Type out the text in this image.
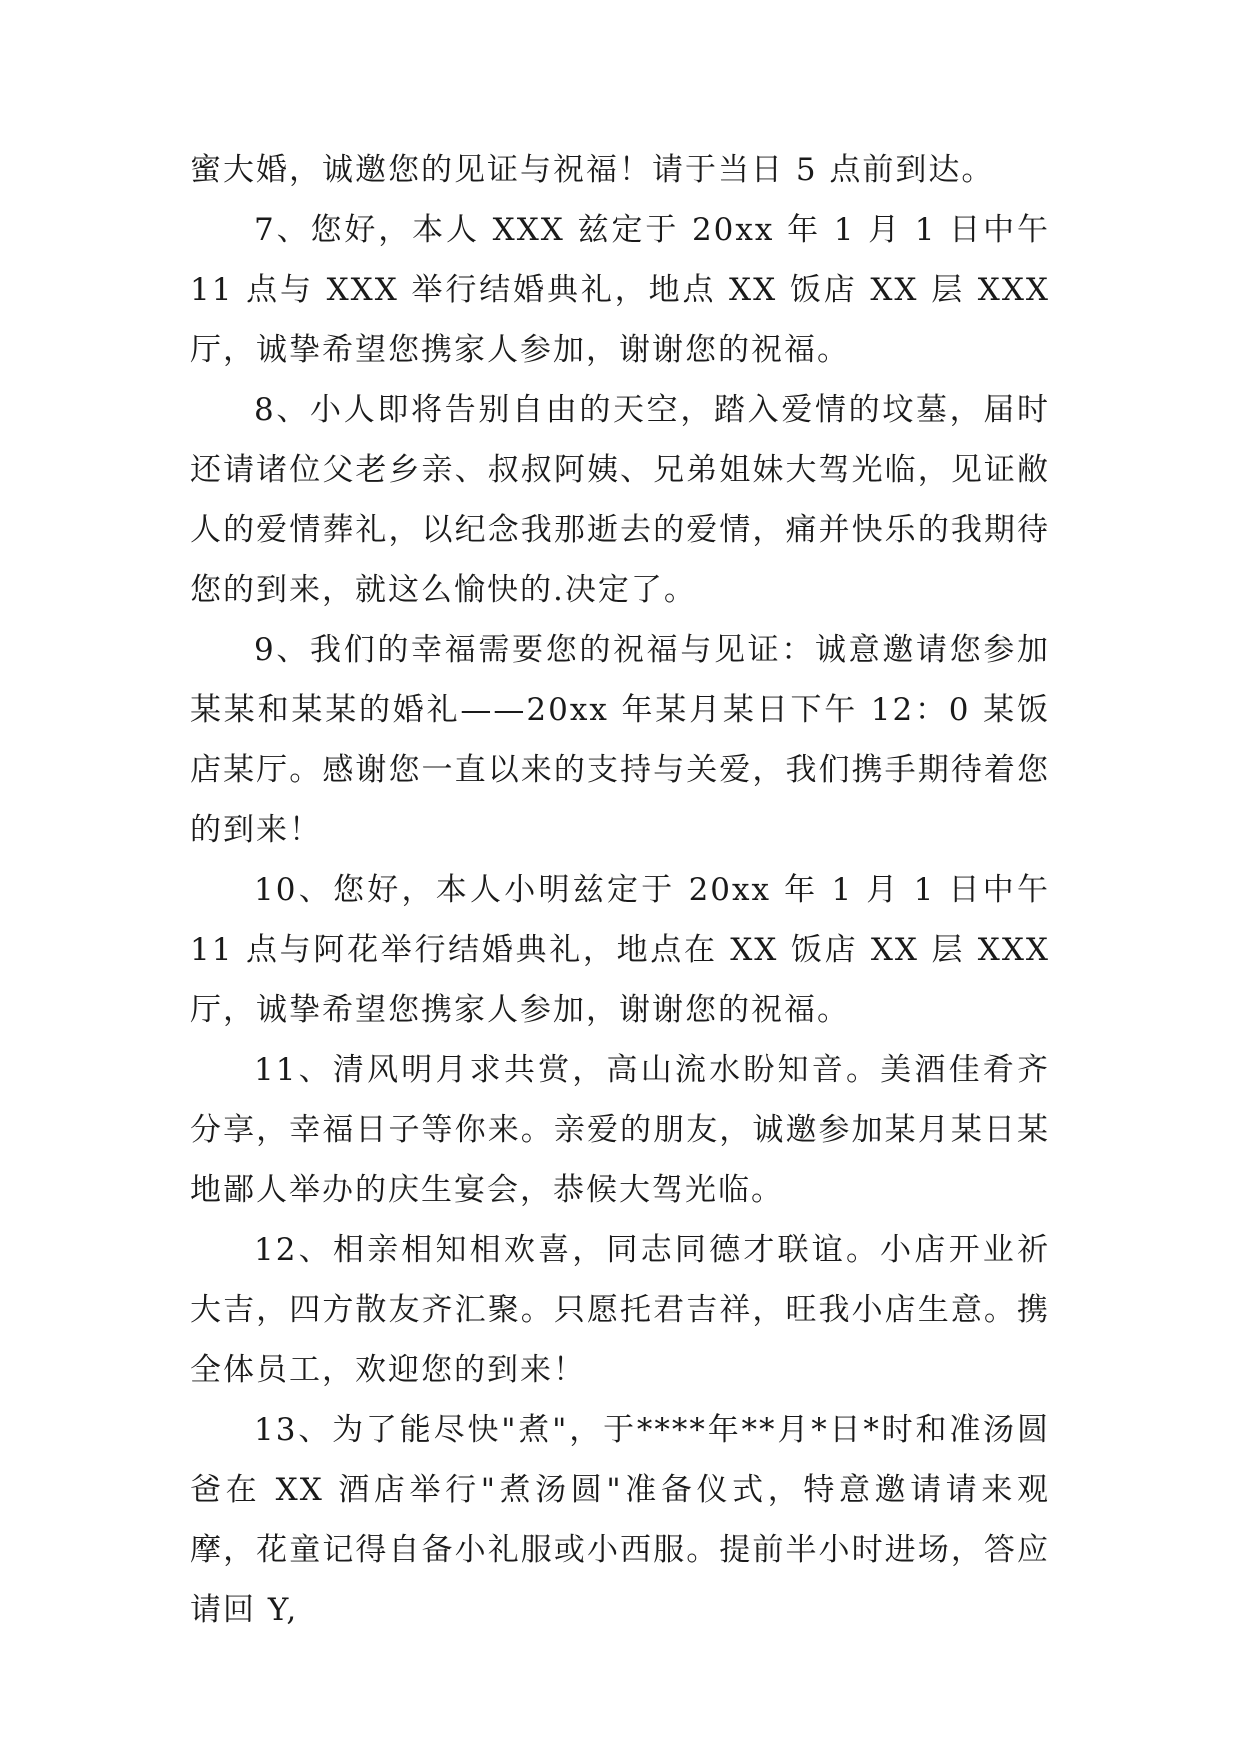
蜜大婚，诚邀您的见证与祝福！请于当日 5 点前到达。

7、您好，本人 XXX 兹定于 20xx 年 1 月 1 日中午 11 点与 XXX 举行结婚典礼，地点 XX 饭店 XX 层 XXX 厅，诚挚希望您携家人参加，谢谢您的祝福。

8、小人即将告别自由的天空，踏入爱情的坟墓，届时还请诸位父老乡亲、叔叔阿姨、兄弟姐妹大驾光临，见证敝人的爱情葬礼，以纪念我那逝去的爱情，痛并快乐的我期待您的到来，就这么愉快的.决定了。

9、我们的幸福需要您的祝福与见证：诚意邀请您参加某某和某某的婚礼——20xx 年某月某日下午 12：0 某饭店某厅。感谢您一直以来的支持与关爱，我们携手期待着您的到来！

10、您好，本人小明兹定于 20xx 年 1 月 1 日中午 11 点与阿花举行结婚典礼，地点在 XX 饭店 XX 层 XXX 厅，诚挚希望您携家人参加，谢谢您的祝福。

11、清风明月求共赏，高山流水盼知音。美酒佳肴齐分享，幸福日子等你来。亲爱的朋友，诚邀参加某月某日某地鄙人举办的庆生宴会，恭候大驾光临。

12、相亲相知相欢喜，同志同德才联谊。小店开业祈大吉，四方散友齐汇聚。只愿托君吉祥，旺我小店生意。携全体员工，欢迎您的到来！

13、为了能尽快"煮"，于****年**月*日*时和准汤圆爸在 XX 酒店举行"煮汤圆"准备仪式，特意邀请请来观摩，花童记得自备小礼服或小西服。提前半小时进场，答应请回 Y,
